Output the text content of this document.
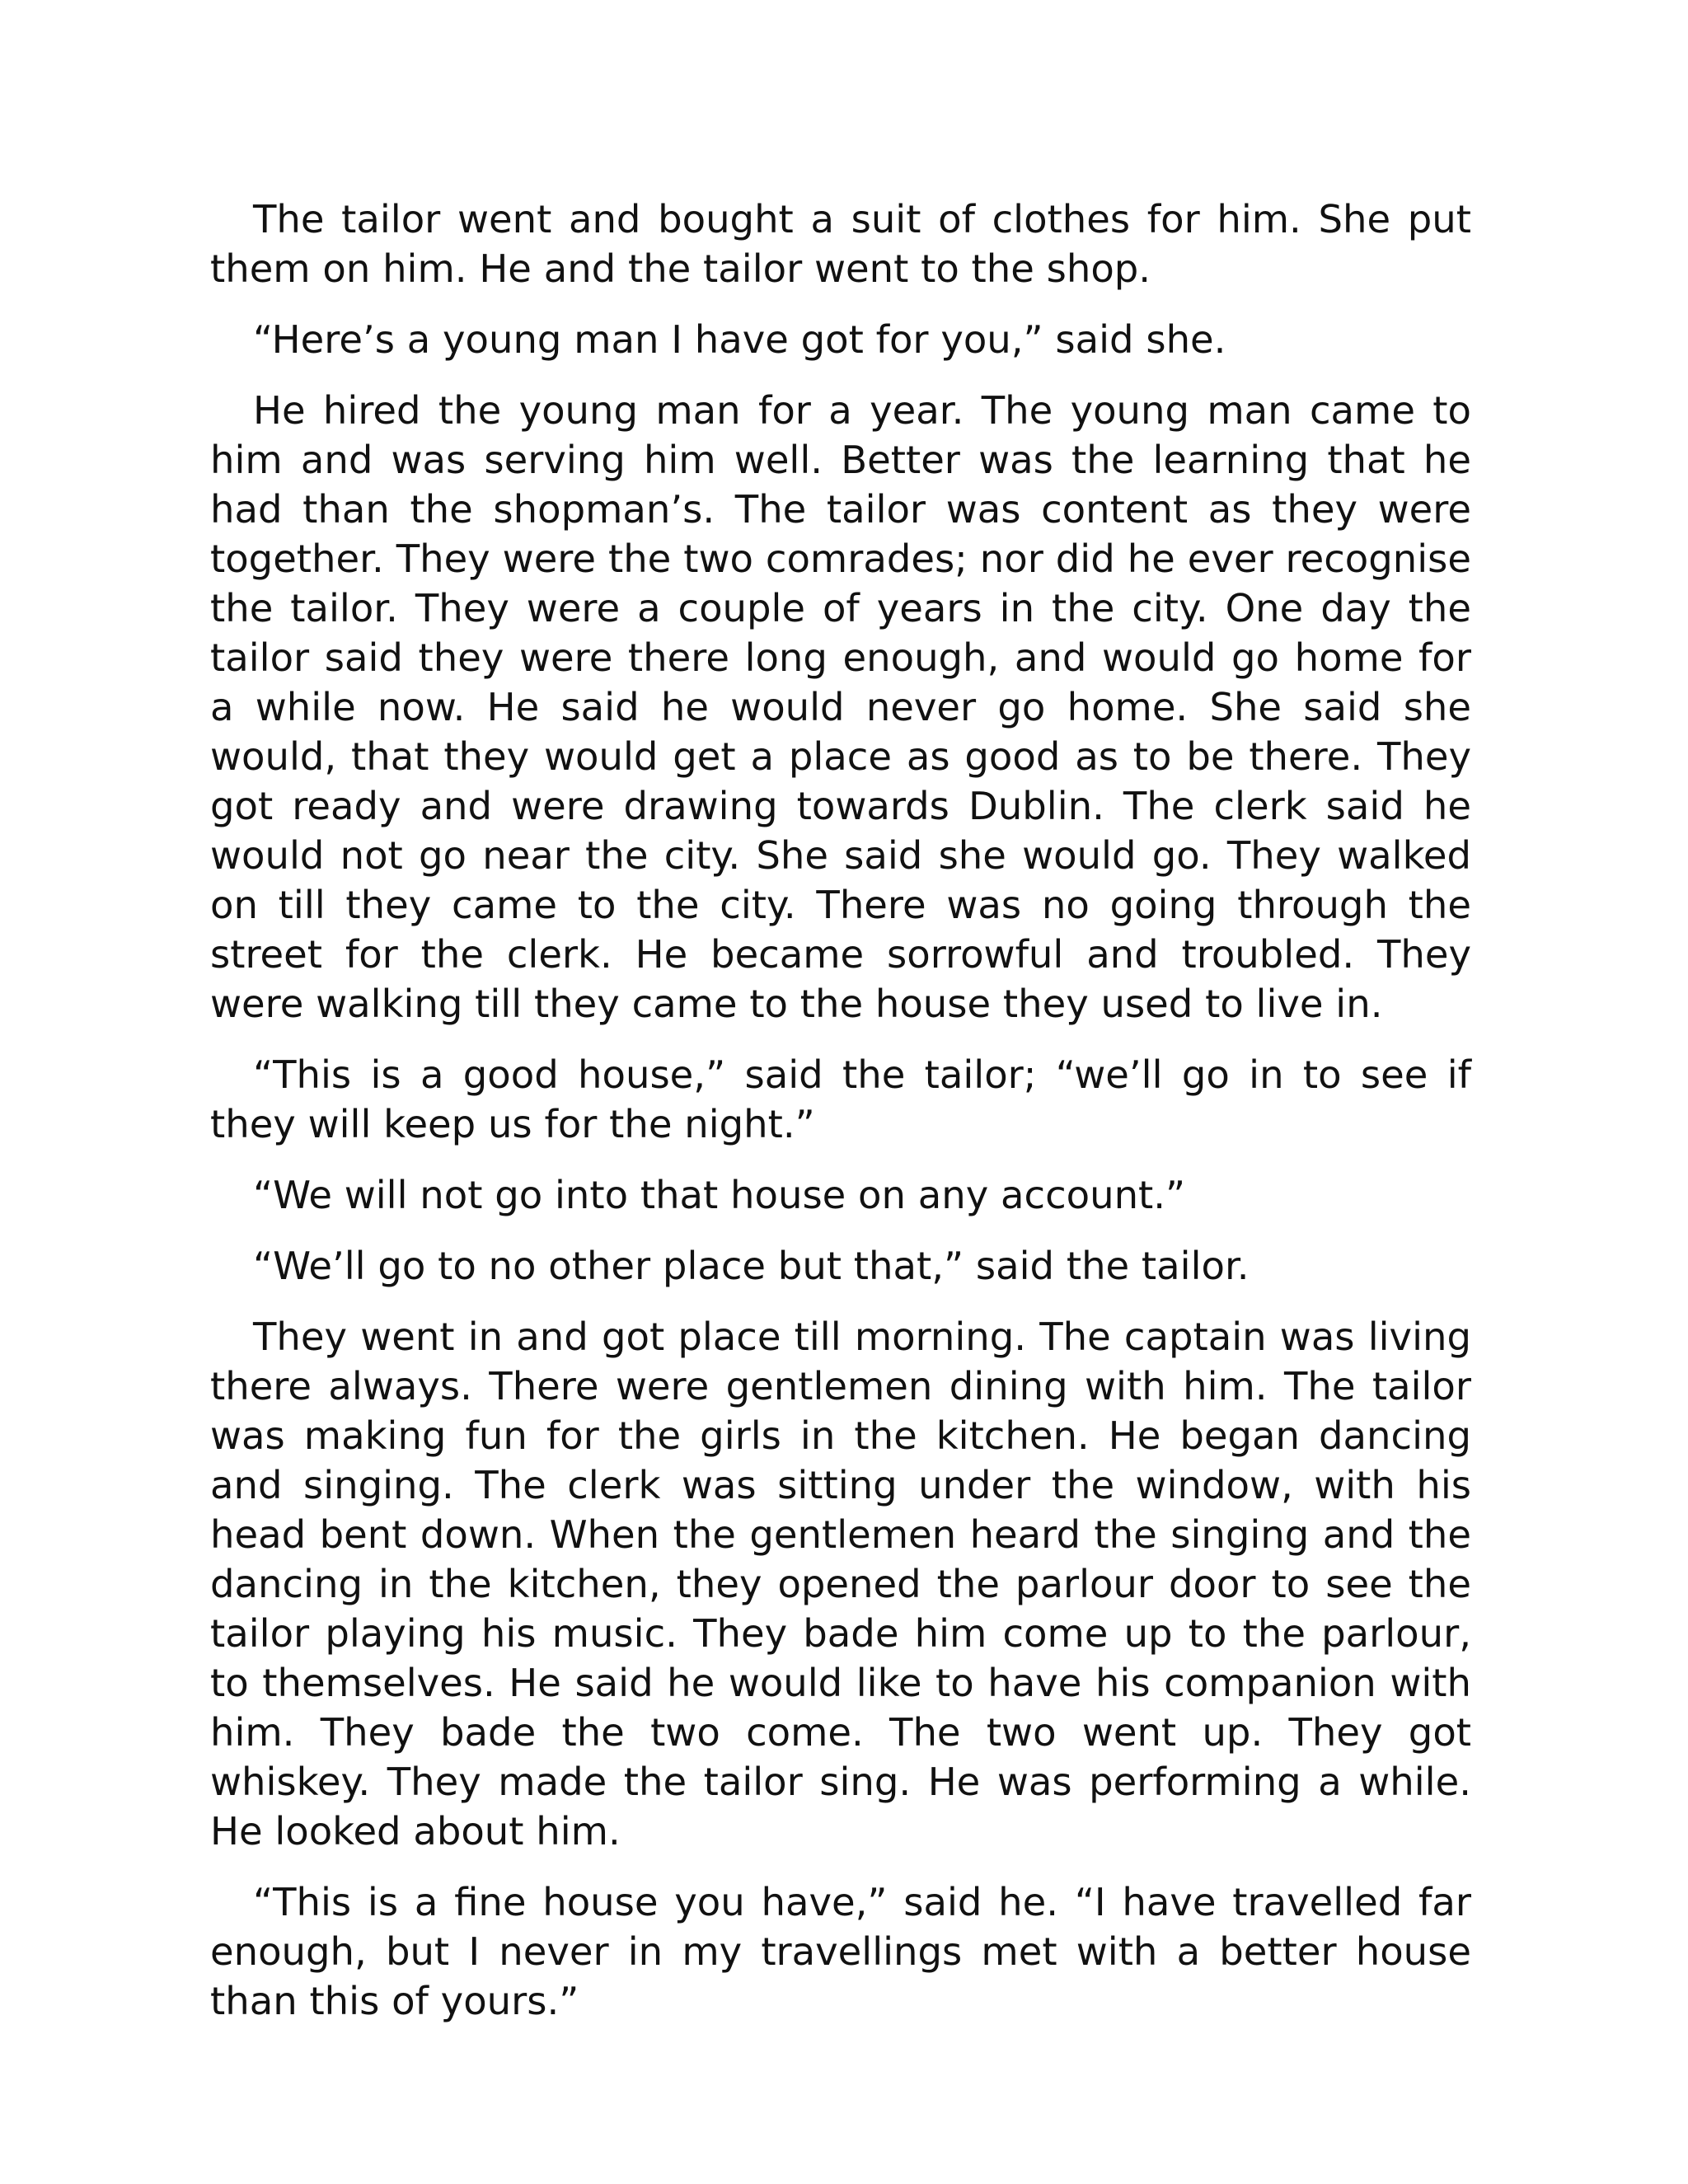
The tailor went and bought a suit of clothes for him. She put them on him. He and the tailor went to the shop.

“Here’s a young man I have got for you,” said she.

He hired the young man for a year. The young man came to him and was serving him well. Better was the learning that he had than the shopman’s. The tailor was content as they were together. They were the two comrades; nor did he ever recognise the tailor. They were a couple of years in the city. One day the tailor said they were there long enough, and would go home for a while now. He said he would never go home. She said she would, that they would get a place as good as to be there. They got ready and were drawing towards Dublin. The clerk said he would not go near the city. She said she would go. They walked on till they came to the city. There was no going through the street for the clerk. He became sorrowful and troubled. They were walking till they came to the house they used to live in.

“This is a good house,” said the tailor; “we’ll go in to see if they will keep us for the night.”

“We will not go into that house on any account.”

“We’ll go to no other place but that,” said the tailor.

They went in and got place till morning. The captain was living there always. There were gentlemen dining with him. The tailor was making fun for the girls in the kitchen. He began dancing and singing. The clerk was sitting under the window, with his head bent down. When the gentlemen heard the singing and the dancing in the kitchen, they opened the parlour door to see the tailor playing his music. They bade him come up to the parlour, to themselves. He said he would like to have his companion with him. They bade the two come. The two went up. They got whiskey. They made the tailor sing. He was performing a while. He looked about him.

“This is a fine house you have,” said he. “I have travelled far enough, but I never in my travellings met with a better house than this of yours.”
